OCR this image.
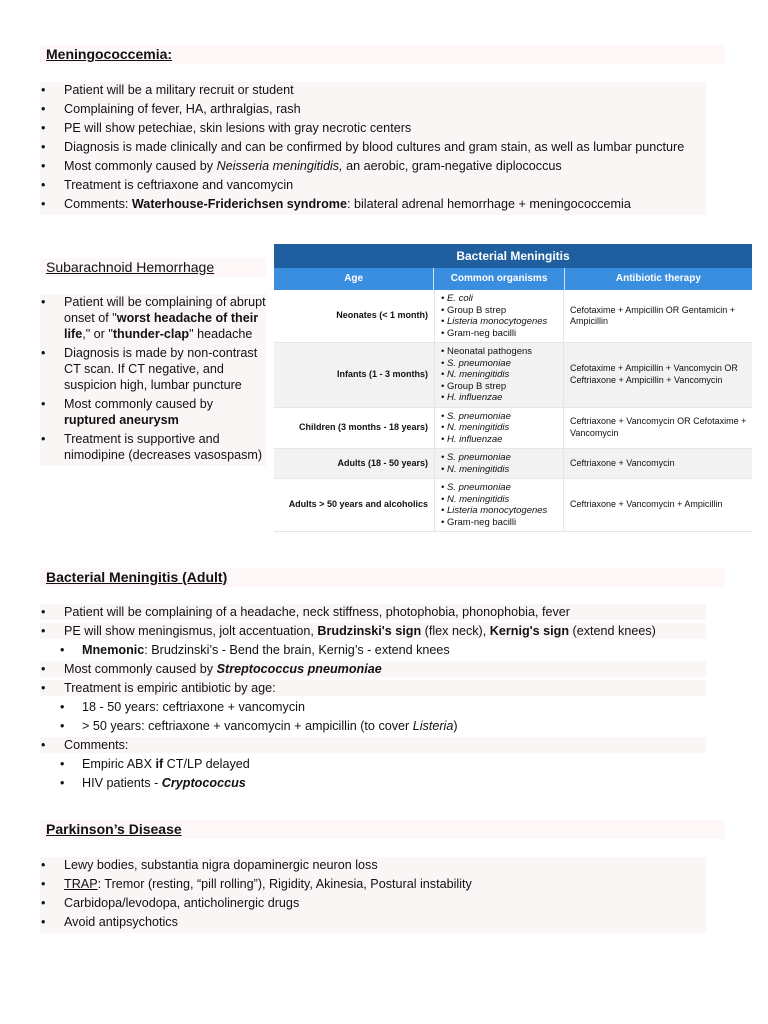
Meningococcemia:
• Patient will be a military recruit or student
• Complaining of fever, HA, arthralgias, rash
• PE will show petechiae, skin lesions with gray necrotic centers
• Diagnosis is made clinically and can be confirmed by blood cultures and gram stain, as well as lumbar puncture
• Most commonly caused by Neisseria meningitidis, an aerobic, gram-negative diplococcus
• Treatment is ceftriaxone and vancomycin
• Comments: Waterhouse-Friderichsen syndrome: bilateral adrenal hemorrhage + meningococcemia
Subarachnoid Hemorrhage
• Patient will be complaining of abrupt onset of "worst headache of their life," or "thunder-clap" headache
• Diagnosis is made by non-contrast CT scan. If CT negative, and suspicion high, lumbar puncture
• Most commonly caused by ruptured aneurysm
• Treatment is supportive and nimodipine (decreases vasospasm)
Bacterial Meningitis
Age	Common organisms	Antibiotic therapy
Neonates (< 1 month)
• E. coli
• Group B strep
• Listeria monocytogenes
• Gram-neg bacilli
Cefotaxime + Ampicillin OR Gentamicin + Ampicillin
Infants (1 - 3 months)
• Neonatal pathogens
• S. pneumoniae
• N. meningitidis
• Group B strep
• H. influenzae
Cefotaxime + Ampicillin + Vancomycin OR Ceftriaxone + Ampicillin + Vancomycin
Children (3 months - 18 years)
• S. pneumoniae
• N. meningitidis
• H. influenzae
Ceftriaxone + Vancomycin OR Cefotaxime + Vancomycin
Adults (18 - 50 years)
•	S. pneumoniae
• N. meningitidis
Ceftriaxone + Vancomycin
Adults > 50 years and alcoholics
• S. pneumoniae
• N. meningitidis
• Listeria monocytogenes
• Gram-neg bacilli
Ceftriaxone + Vancomycin + Ampicillin
Bacterial Meningitis (Adult)
• Patient will be complaining of a headache, neck stiffness, photophobia, phonophobia, fever
• PE will show meningismus, jolt accentuation, Brudzinski's sign (flex neck), Kernig's sign (extend knees)
• Mnemonic: Brudzinski’s - Bend the brain, Kernig’s - extend knees
• Most commonly caused by Streptococcus pneumoniae
• Treatment is empiric antibiotic by age:
• 18 - 50 years: ceftriaxone + vancomycin
• > 50 years: ceftriaxone + vancomycin + ampicillin (to cover Listeria)
• Comments:
• Empiric ABX if CT/LP delayed
• HIV patients - Cryptococcus
Parkinson’s Disease
• Lewy bodies, substantia nigra dopaminergic neuron loss
• TRAP: Tremor (resting, “pill rolling”), Rigidity, Akinesia, Postural instability
• Carbidopa/levodopa, anticholinergic drugs
• Avoid antipsychotics
